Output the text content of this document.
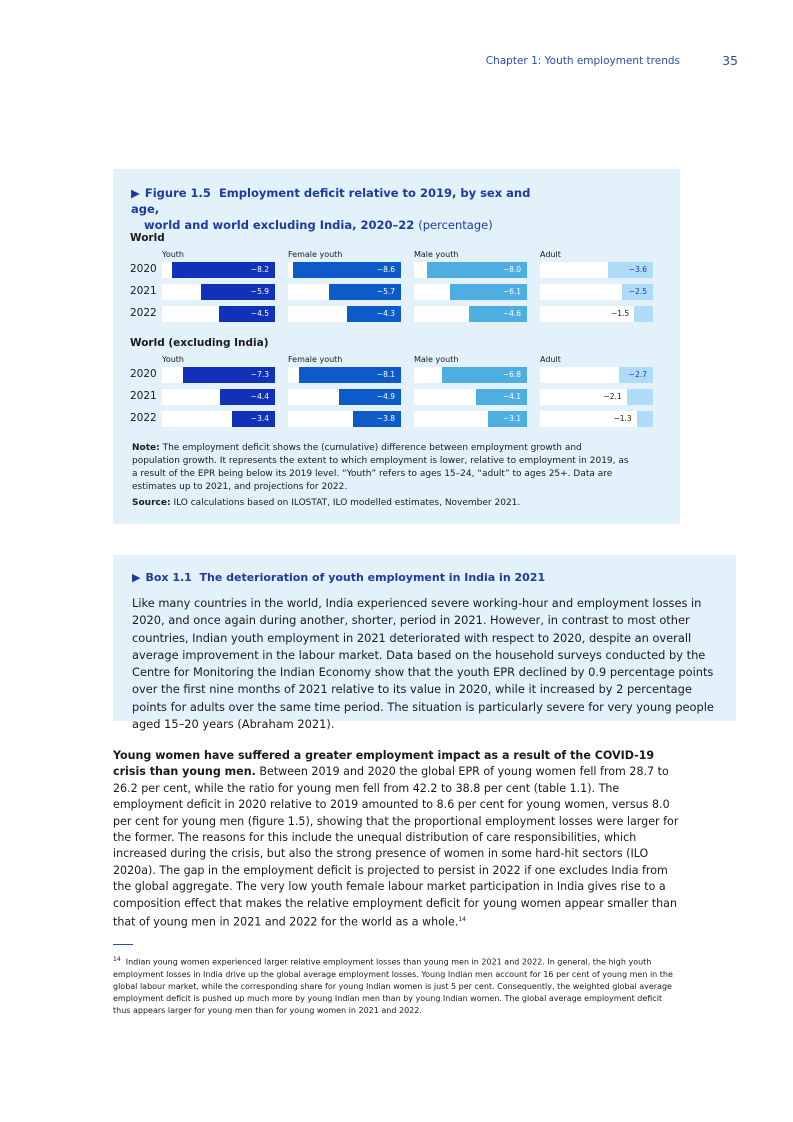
Chapter 1: Youth employment trends	35
▶ Figure 1.5 Employment deficit relative to 2019, by sex and age,
world and world excluding India, 2020–22 (percentage)
World
Youth	Female youth	Male youth	Adult
2020	−8.2	−8.6	−8.0	−3.6
2021	−5.9	−5.7	−6.1	−2.5
2022	−4.5	−4.3	−4.6	−1.5
World (excluding India)
Youth	Female youth	Male youth	Adult
2020	−7.3	−8.1	−6.8	−2.7
2021	−4.4	−4.9	−4.1	−2.1
2022	−3.4	−3.8	−3.1	−1.3
Note: The employment deficit shows the (cumulative) difference between employment growth and population growth. It represents the extent to which employment is lower, relative to employment in 2019, as a result of the EPR being below its 2019 level. “Youth” refers to ages 15–24, “adult” to ages 25+. Data are estimates up to 2021, and projections for 2022.
Source: ILO calculations based on ILOSTAT, ILO modelled estimates, November 2021.
▶ Box 1.1 The deterioration of youth employment in India in 2021
Like many countries in the world, India experienced severe working-hour and employment losses in 2020, and once again during another, shorter, period in 2021. However, in contrast to most other countries, Indian youth employment in 2021 deteriorated with respect to 2020, despite an overall average improvement in the labour market. Data based on the household surveys conducted by the Centre for Monitoring the Indian Economy show that the youth EPR declined by 0.9 percentage points over the first nine months of 2021 relative to its value in 2020, while it increased by 2 percentage points for adults over the same time period. The situation is particularly severe for very young people aged 15–20 years (Abraham 2021).
Young women have suffered a greater employment impact as a result of the COVID-19 crisis than young men. Between 2019 and 2020 the global EPR of young women fell from 28.7 to 26.2 per cent, while the ratio for young men fell from 42.2 to 38.8 per cent (table 1.1). The employment deficit in 2020 relative to 2019 amounted to 8.6 per cent for young women, versus 8.0 per cent for young men (figure 1.5), showing that the proportional employment losses were larger for the former. The reasons for this include the unequal distribution of care responsibilities, which increased during the crisis, but also the strong presence of women in some hard-hit sectors (ILO 2020a). The gap in the employment deficit is projected to persist in 2022 if one excludes India from the global aggregate. The very low youth female labour market participation in India gives rise to a composition effect that makes the relative employment deficit for young women appear smaller than that of young men in 2021 and 2022 for the world as a whole.$^{14}$
$^{14}$ Indian young women experienced larger relative employment losses than young men in 2021 and 2022. In general, the high youth employment losses in India drive up the global average employment losses. Young Indian men account for 16 per cent of young men in the global labour market, while the corresponding share for young Indian women is just 5 per cent. Consequently, the weighted global average employment deficit is pushed up much more by young Indian men than by young Indian women. The global average employment deficit thus appears larger for young men than for young women in 2021 and 2022.
